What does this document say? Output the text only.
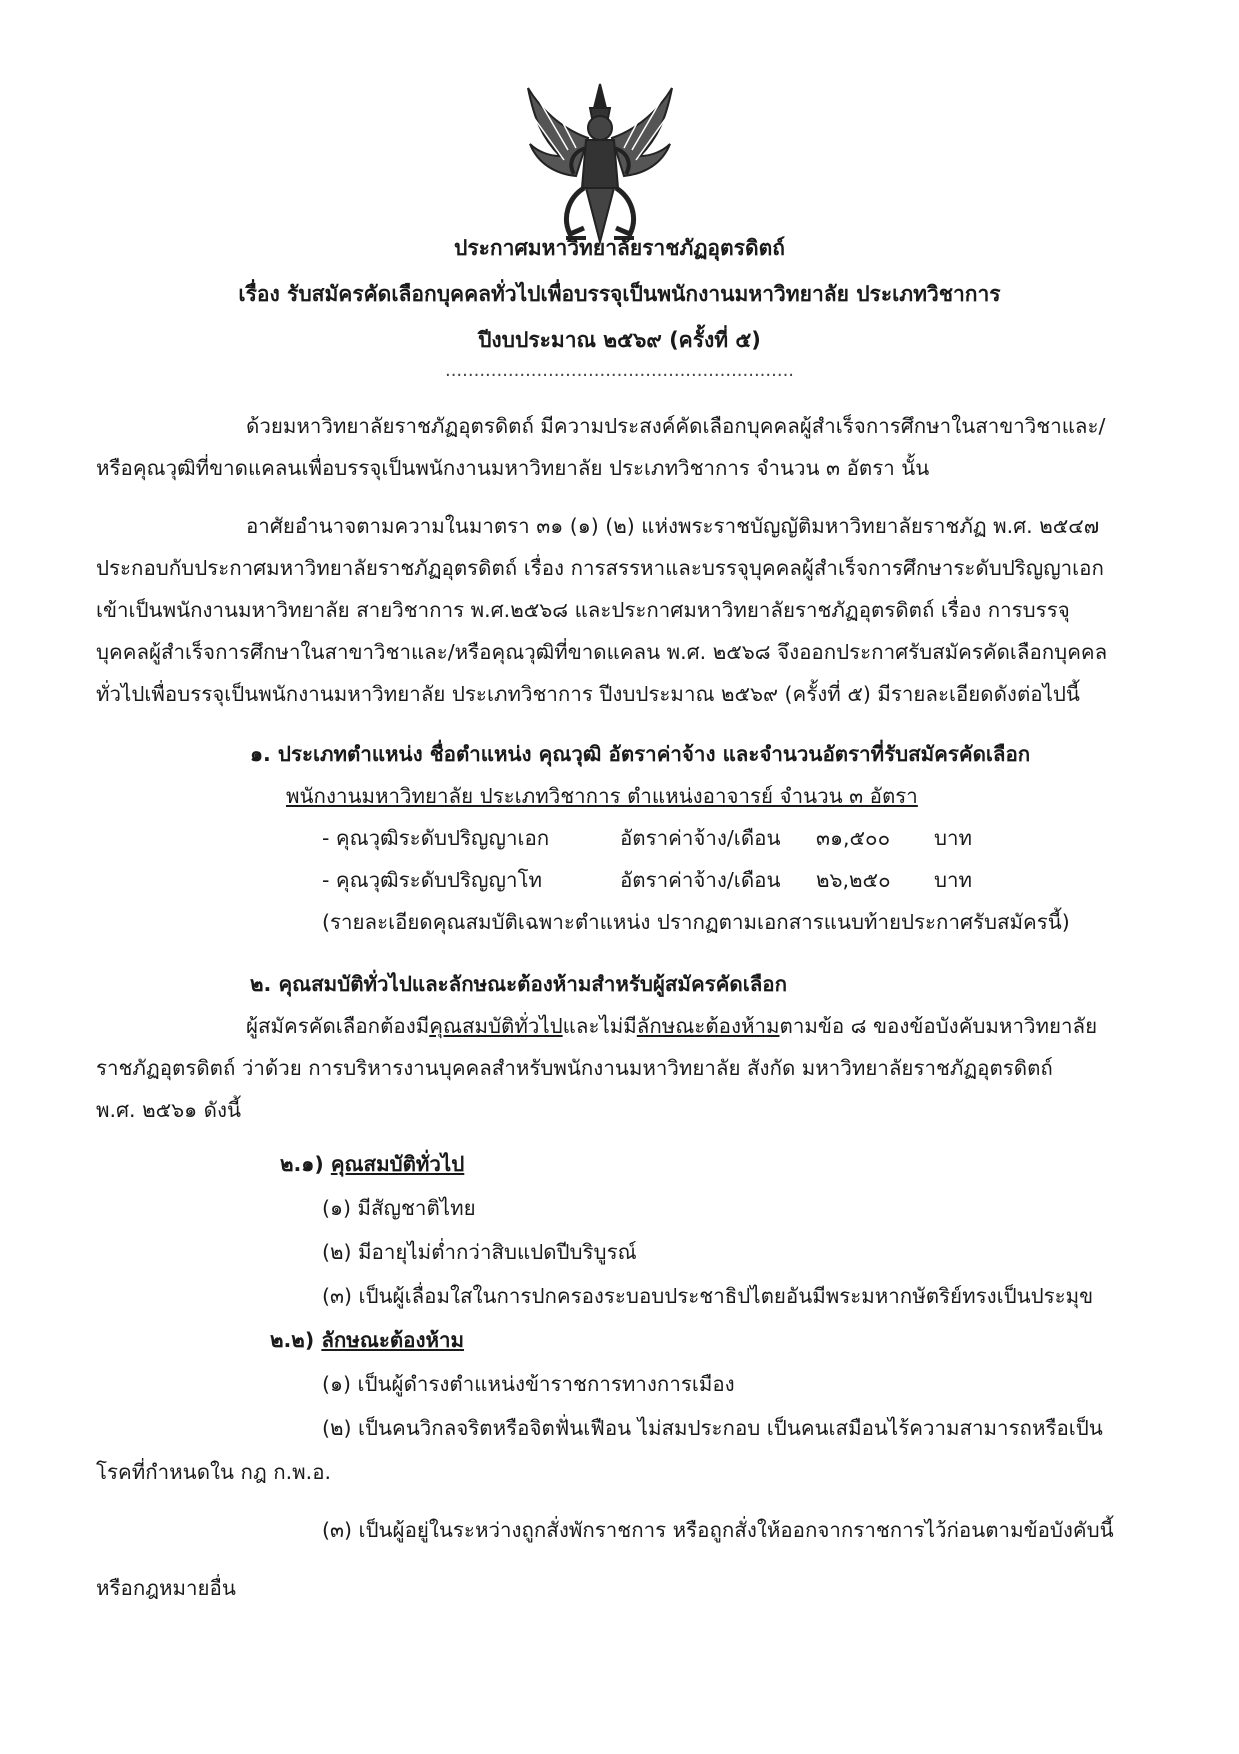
ประกาศมหาวิทยาลัยราชภัฏอุตรดิตถ์
เรื่อง รับสมัครคัดเลือกบุคคลทั่วไปเพื่อบรรจุเป็นพนักงานมหาวิทยาลัย ประเภทวิชาการ
ปีงบประมาณ ๒๕๖๙ (ครั้งที่ ๕)
.............................................................
ด้วยมหาวิทยาลัยราชภัฏอุตรดิตถ์ มีความประสงค์คัดเลือกบุคคลผู้สำเร็จการศึกษาในสาขาวิชาและ/
หรือคุณวุฒิที่ขาดแคลนเพื่อบรรจุเป็นพนักงานมหาวิทยาลัย ประเภทวิชาการ จำนวน ๓ อัตรา นั้น
อาศัยอำนาจตามความในมาตรา ๓๑ (๑) (๒) แห่งพระราชบัญญัติมหาวิทยาลัยราชภัฏ พ.ศ. ๒๕๔๗
ประกอบกับประกาศมหาวิทยาลัยราชภัฏอุตรดิตถ์ เรื่อง การสรรหาและบรรจุบุคคลผู้สำเร็จการศึกษาระดับปริญญาเอก
เข้าเป็นพนักงานมหาวิทยาลัย สายวิชาการ พ.ศ.๒๕๖๘ และประกาศมหาวิทยาลัยราชภัฏอุตรดิตถ์ เรื่อง การบรรจุ
บุคคลผู้สำเร็จการศึกษาในสาขาวิชาและ/หรือคุณวุฒิที่ขาดแคลน พ.ศ. ๒๕๖๘ จึงออกประกาศรับสมัครคัดเลือกบุคคล
ทั่วไปเพื่อบรรจุเป็นพนักงานมหาวิทยาลัย ประเภทวิชาการ ปีงบประมาณ ๒๕๖๙ (ครั้งที่ ๕) มีรายละเอียดดังต่อไปนี้
๑. ประเภทตำแหน่ง ชื่อตำแหน่ง คุณวุฒิ อัตราค่าจ้าง และจำนวนอัตราที่รับสมัครคัดเลือก
พนักงานมหาวิทยาลัย ประเภทวิชาการ ตำแหน่งอาจารย์ จำนวน ๓ อัตรา
- คุณวุฒิระดับปริญญาเอก	อัตราค่าจ้าง/เดือน ๓๑,๕๐๐ บาท
- คุณวุฒิระดับปริญญาโท	อัตราค่าจ้าง/เดือน ๒๖,๒๕๐ บาท
(รายละเอียดคุณสมบัติเฉพาะตำแหน่ง ปรากฏตามเอกสารแนบท้ายประกาศรับสมัครนี้)
๒. คุณสมบัติทั่วไปและลักษณะต้องห้ามสำหรับผู้สมัครคัดเลือก
ผู้สมัครคัดเลือกต้องมีคุณสมบัติทั่วไปและไม่มีลักษณะต้องห้ามตามข้อ ๘ ของข้อบังคับมหาวิทยาลัย
ราชภัฏอุตรดิตถ์ ว่าด้วย การบริหารงานบุคคลสำหรับพนักงานมหาวิทยาลัย สังกัด มหาวิทยาลัยราชภัฏอุตรดิตถ์
พ.ศ. ๒๕๖๑ ดังนี้
๒.๑) คุณสมบัติทั่วไป
(๑) มีสัญชาติไทย
(๒) มีอายุไม่ต่ำกว่าสิบแปดปีบริบูรณ์
(๓) เป็นผู้เลื่อมใสในการปกครองระบอบประชาธิปไตยอันมีพระมหากษัตริย์ทรงเป็นประมุข
๒.๒) ลักษณะต้องห้าม
(๑) เป็นผู้ดำรงตำแหน่งข้าราชการทางการเมือง
(๒) เป็นคนวิกลจริตหรือจิตฟั่นเฟือน ไม่สมประกอบ เป็นคนเสมือนไร้ความสามารถหรือเป็น
โรคที่กำหนดใน กฎ ก.พ.อ.
(๓) เป็นผู้อยู่ในระหว่างถูกสั่งพักราชการ หรือถูกสั่งให้ออกจากราชการไว้ก่อนตามข้อบังคับนี้
หรือกฎหมายอื่น
